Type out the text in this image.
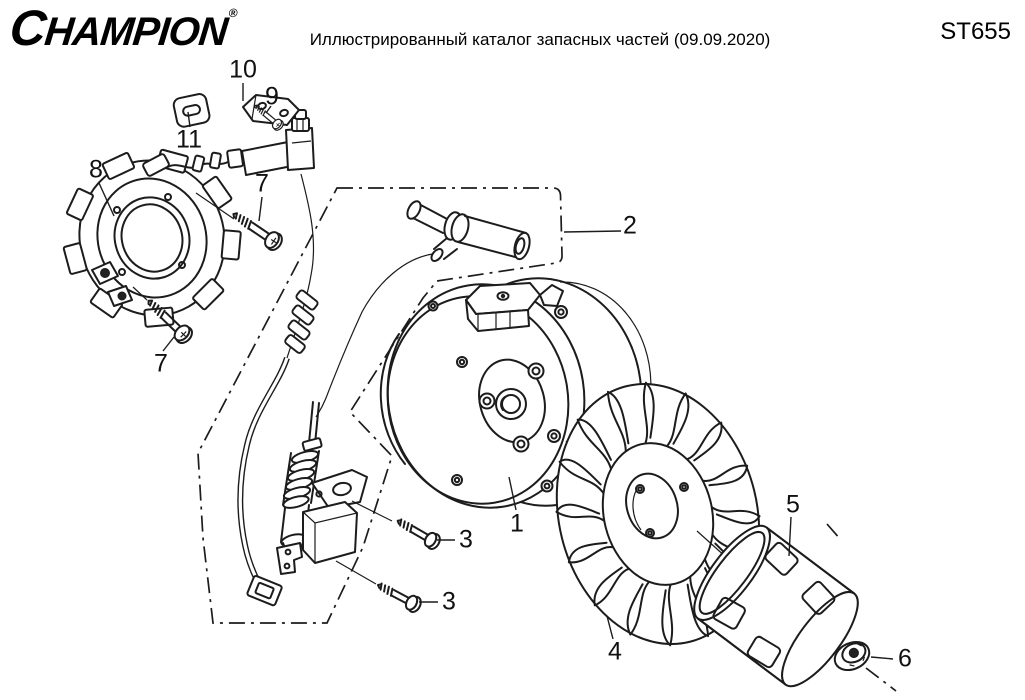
CHAMPION®
Иллюстрированный каталог запасных частей (09.09.2020)	ST655
1
2
3
3
4
5
6
7
7
8
9
10
11
